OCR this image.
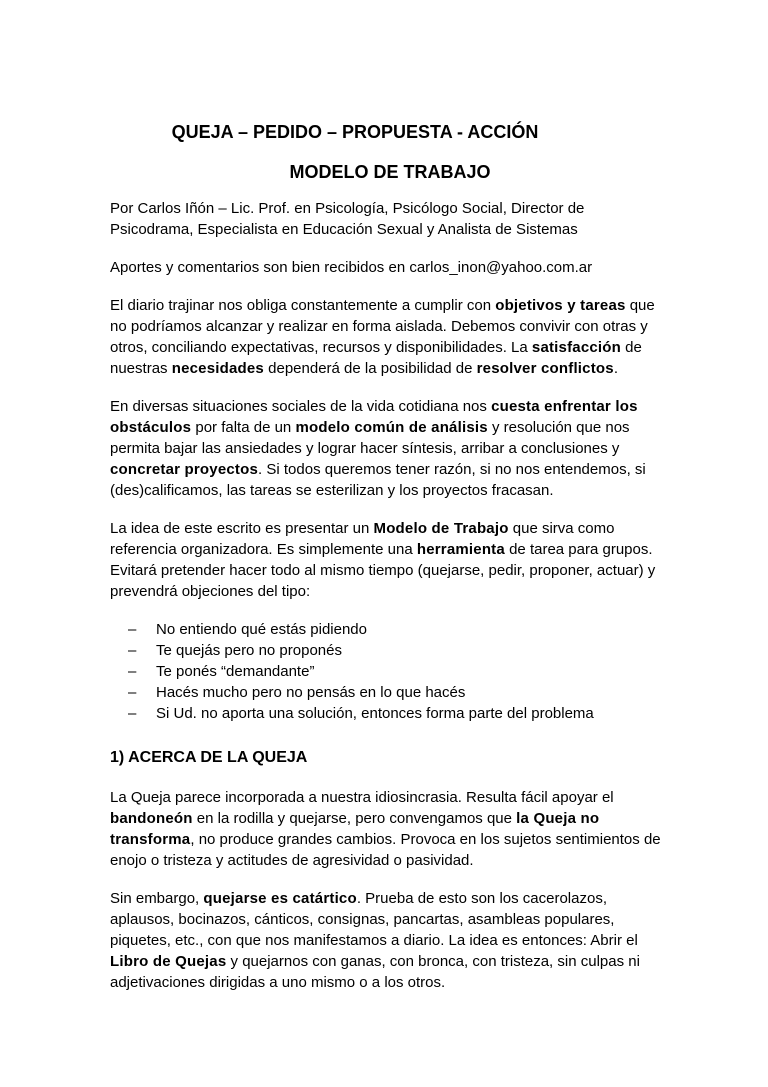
QUEJA – PEDIDO – PROPUESTA - ACCIÓN
MODELO DE TRABAJO

Por Carlos Iñón – Lic. Prof. en Psicología, Psicólogo Social, Director de Psicodrama, Especialista en Educación Sexual y Analista de Sistemas

Aportes y comentarios son bien recibidos en carlos_inon@yahoo.com.ar

El diario trajinar nos obliga constantemente a cumplir con objetivos y tareas que no podríamos alcanzar y realizar en forma aislada. Debemos convivir con otras y otros, conciliando expectativas, recursos y disponibilidades. La satisfacción de nuestras necesidades dependerá de la posibilidad de resolver conflictos.

En diversas situaciones sociales de la vida cotidiana nos cuesta enfrentar los obstáculos por falta de un modelo común de análisis y resolución que nos permita bajar las ansiedades y lograr hacer síntesis, arribar a conclusiones y concretar proyectos. Si todos queremos tener razón, si no nos entendemos, si (des)calificamos, las tareas se esterilizan y los proyectos fracasan.

La idea de este escrito es presentar un Modelo de Trabajo que sirva como referencia organizadora. Es simplemente una herramienta de tarea para grupos. Evitará pretender hacer todo al mismo tiempo (quejarse, pedir, proponer, actuar) y prevendrá objeciones del tipo:

– No entiendo qué estás pidiendo
– Te quejás pero no proponés
– Te ponés “demandante”
– Hacés mucho pero no pensás en lo que hacés
– Si Ud. no aporta una solución, entonces forma parte del problema
1) ACERCA DE LA QUEJA

La Queja parece incorporada a nuestra idiosincrasia. Resulta fácil apoyar el bandoneón en la rodilla y quejarse, pero convengamos que la Queja no transforma, no produce grandes cambios. Provoca en los sujetos sentimientos de enojo o tristeza y actitudes de agresividad o pasividad.

Sin embargo, quejarse es catártico. Prueba de esto son los cacerolazos, aplausos, bocinazos, cánticos, consignas, pancartas, asambleas populares, piquetes, etc., con que nos manifestamos a diario. La idea es entonces: Abrir el Libro de Quejas y quejarnos con ganas, con bronca, con tristeza, sin culpas ni adjetivaciones dirigidas a uno mismo o a los otros.
